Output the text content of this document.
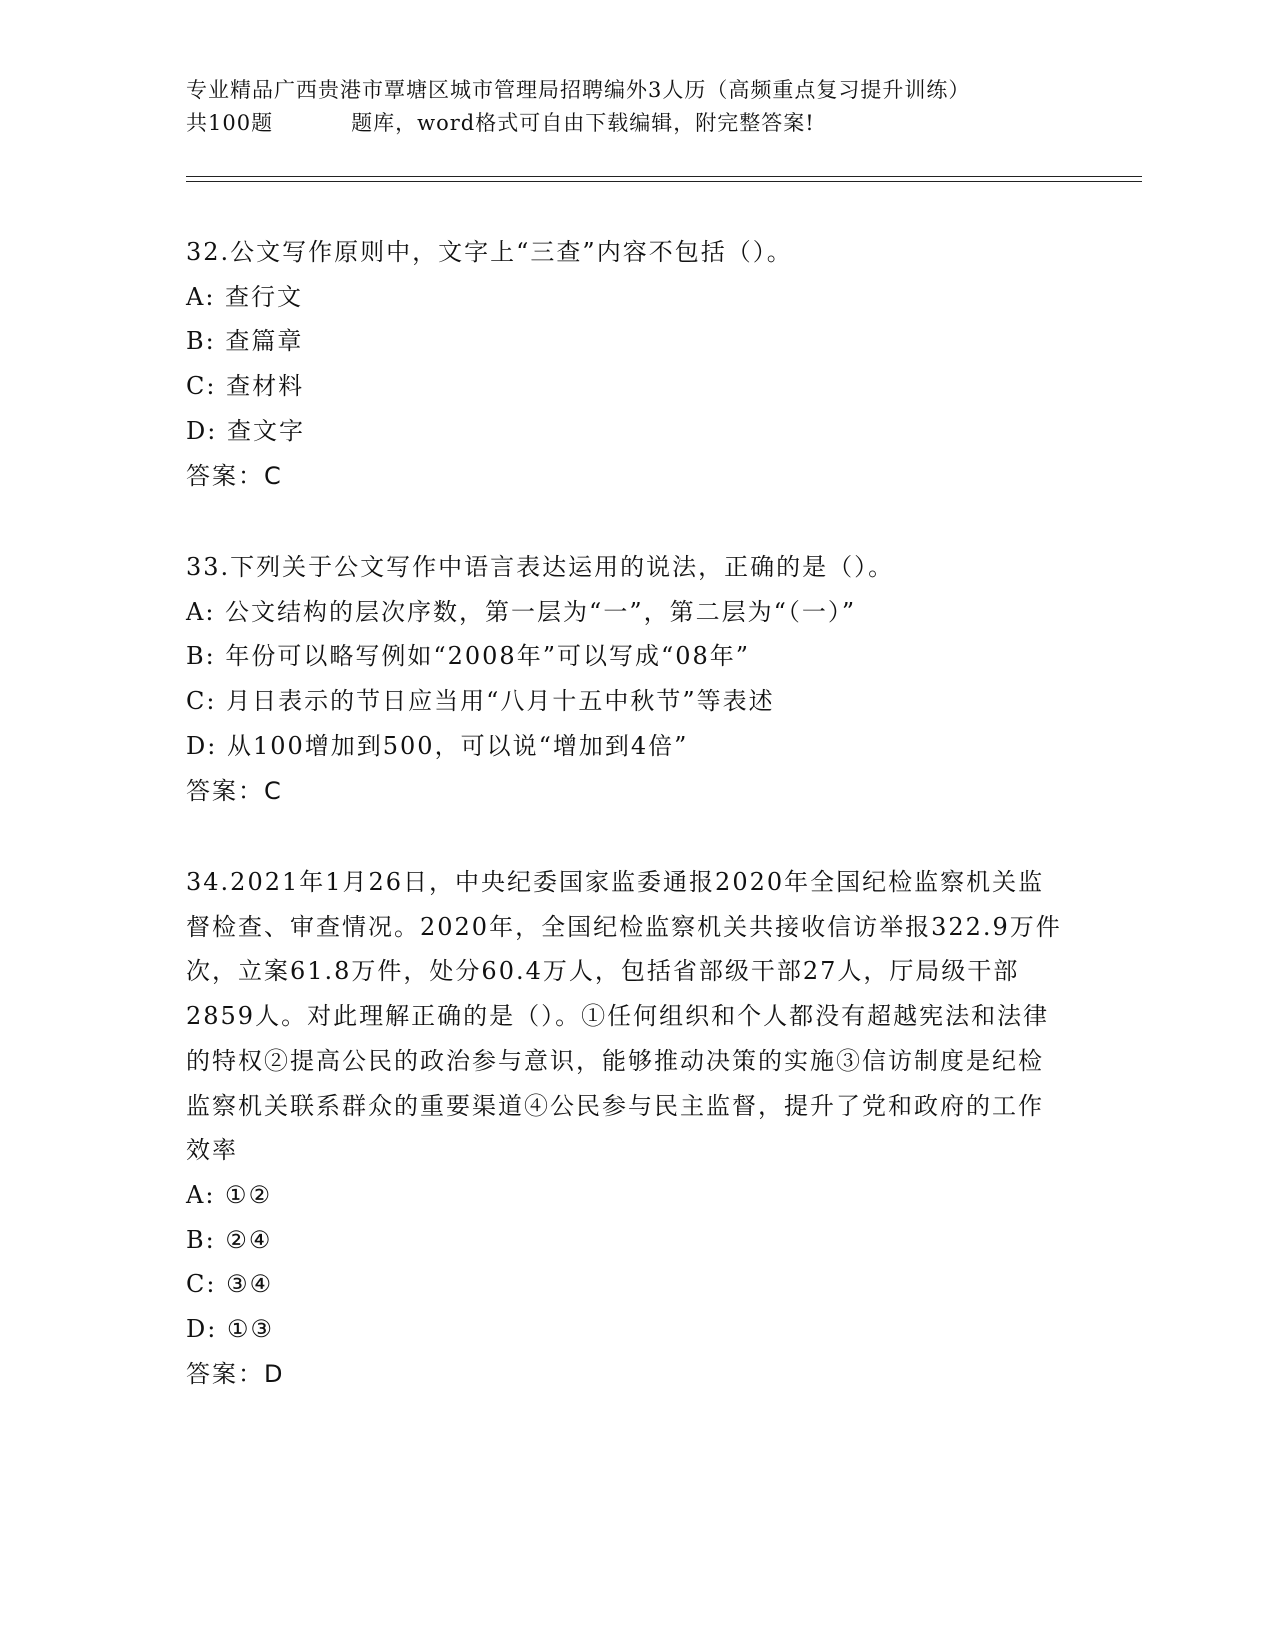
专业精品广西贵港市覃塘区城市管理局招聘编外3人历（高频重点复习提升训练）
共100题	题库，word格式可自由下载编辑，附完整答案!

32.公文写作原则中，文字上“三查”内容不包括（）。

A: 查行文

B: 查篇章

C: 查材料

D: 查文字

答案：C

33.下列关于公文写作中语言表达运用的说法，正确的是（）。

A: 公文结构的层次序数，第一层为“一”，第二层为“（一）”

B: 年份可以略写例如“2008年”可以写成“08年”

C: 月日表示的节日应当用“八月十五中秋节”等表述

D: 从100增加到500，可以说“增加到4倍”

答案：C

34.2021年1月26日，中央纪委国家监委通报2020年全国纪检监察机关监督检查、审查情况。2020年，全国纪检监察机关共接收信访举报322.9万件次，立案61.8万件，处分60.4万人，包括省部级干部27人，厅局级干部2859人。对此理解正确的是（）。①任何组织和个人都没有超越宪法和法律的特权②提高公民的政治参与意识，能够推动决策的实施③信访制度是纪检监察机关联系群众的重要渠道④公民参与民主监督，提升了党和政府的工作效率

A: ①②

B: ②④

C: ③④

D: ①③

答案：D
